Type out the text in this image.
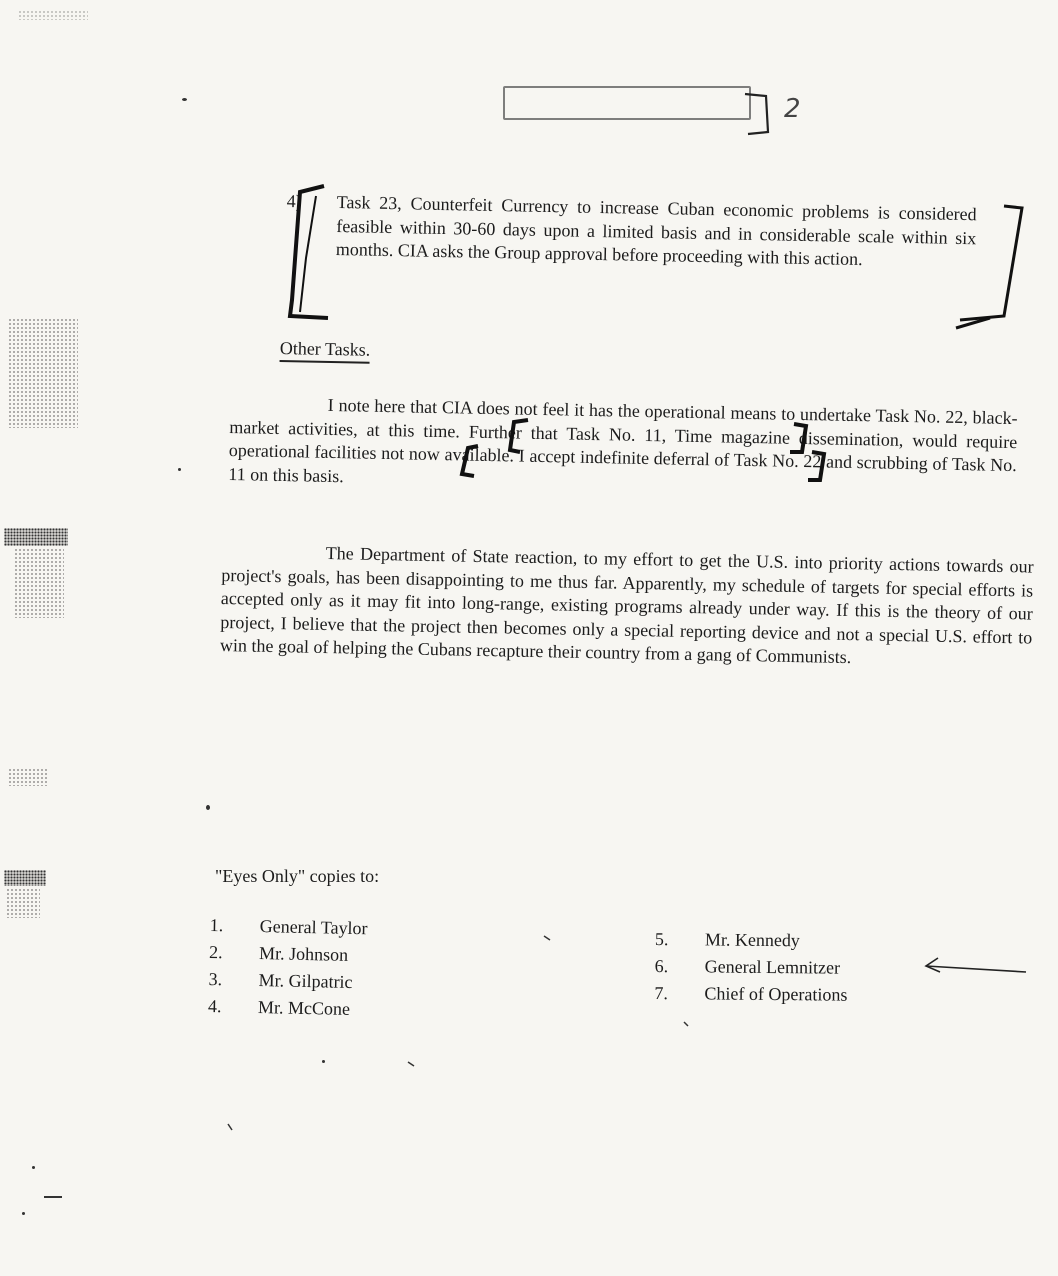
2
4) Task 23, Counterfeit Currency to increase Cuban economic problems is considered feasible within 30-60 days upon a limited basis and in considerable scale within six months. CIA asks the Group approval before proceeding with this action.
Other Tasks.
I note here that CIA does not feel it has the operational means to undertake Task No. 22, black-market activities, at this time. Further that Task No. 11, Time magazine dissemination, would require operational facilities not now available. I accept indefinite deferral of Task No. 22 and scrubbing of Task No. 11 on this basis.
The Department of State reaction, to my effort to get the U.S. into priority actions towards our project's goals, has been disappointing to me thus far. Apparently, my schedule of targets for special efforts is accepted only as it may fit into long-range, existing programs already under way. If this is the theory of our project, I believe that the project then becomes only a special reporting device and not a special U.S. effort to win the goal of helping the Cubans recapture their country from a gang of Communists.
"Eyes Only" copies to:
1. General Taylor
2. Mr. Johnson
3. Mr. Gilpatric
4. Mr. McCone
5. Mr. Kennedy
6. General Lemnitzer
7. Chief of Operations
